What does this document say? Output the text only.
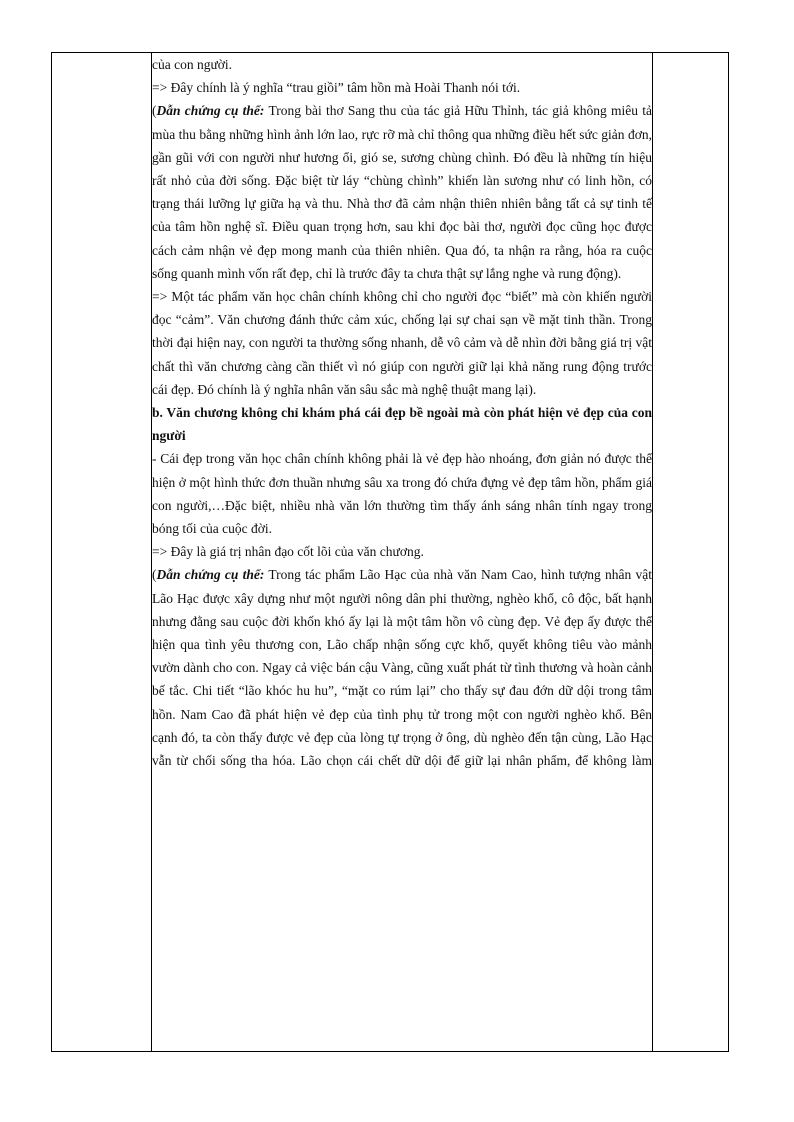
của con người.

=> Đây chính là ý nghĩa “trau giồi” tâm hồn mà Hoài Thanh nói tới.

(Dẫn chứng cụ thể: Trong bài thơ Sang thu của tác giả Hữu Thỉnh, tác giả không miêu tả mùa thu bằng những hình ảnh lớn lao, rực rỡ mà chỉ thông qua những điều hết sức giản đơn, gần gũi với con người như hương ổi, gió se, sương chùng chình. Đó đều là những tín hiệu rất nhỏ của đời sống. Đặc biệt từ láy “chùng chình” khiến làn sương như có linh hồn, có trạng thái lưỡng lự giữa hạ và thu. Nhà thơ đã cảm nhận thiên nhiên bằng tất cả sự tinh tế của tâm hồn nghệ sĩ. Điều quan trọng hơn, sau khi đọc bài thơ, người đọc cũng học được cách cảm nhận vẻ đẹp mong manh của thiên nhiên. Qua đó, ta nhận ra rằng, hóa ra cuộc sống quanh mình vốn rất đẹp, chỉ là trước đây ta chưa thật sự lắng nghe và rung động).

=> Một tác phẩm văn học chân chính không chỉ cho người đọc “biết” mà còn khiến người đọc “cảm”. Văn chương đánh thức cảm xúc, chống lại sự chai sạn về mặt tinh thần. Trong thời đại hiện nay, con người ta thường sống nhanh, dễ vô cảm và dễ nhìn đời bằng giá trị vật chất thì văn chương càng cần thiết vì nó giúp con người giữ lại khả năng rung động trước cái đẹp. Đó chính là ý nghĩa nhân văn sâu sắc mà nghệ thuật mang lại).

b. Văn chương không chỉ khám phá cái đẹp bề ngoài mà còn phát hiện vẻ đẹp của con người

- Cái đẹp trong văn học chân chính không phải là vẻ đẹp hào nhoáng, đơn giản nó được thể hiện ở một hình thức đơn thuần nhưng sâu xa trong đó chứa đựng vẻ đẹp tâm hồn, phẩm giá con người,…Đặc biệt, nhiều nhà văn lớn thường tìm thấy ánh sáng nhân tính ngay trong bóng tối của cuộc đời.

=> Đây là giá trị nhân đạo cốt lõi của văn chương.

(Dẫn chứng cụ thể: Trong tác phẩm Lão Hạc của nhà văn Nam Cao, hình tượng nhân vật Lão Hạc được xây dựng như một người nông dân phi thường, nghèo khổ, cô độc, bất hạnh nhưng đằng sau cuộc đời khốn khó ấy lại là một tâm hồn vô cùng đẹp. Vẻ đẹp ấy được thể hiện qua tình yêu thương con, Lão chấp nhận sống cực khổ, quyết không tiêu vào mảnh vườn dành cho con. Ngay cả việc bán cậu Vàng, cũng xuất phát từ tình thương và hoàn cảnh bế tắc. Chi tiết “lão khóc hu hu”, “mặt co rúm lại” cho thấy sự đau đớn dữ dội trong tâm hồn. Nam Cao đã phát hiện vẻ đẹp của tình phụ tử trong một con người nghèo khổ. Bên cạnh đó, ta còn thấy được vẻ đẹp của lòng tự trọng ở ông, dù nghèo đến tận cùng, Lão Hạc vẫn từ chối sống tha hóa. Lão chọn cái chết dữ dội để giữ lại nhân phẩm, để không làm
